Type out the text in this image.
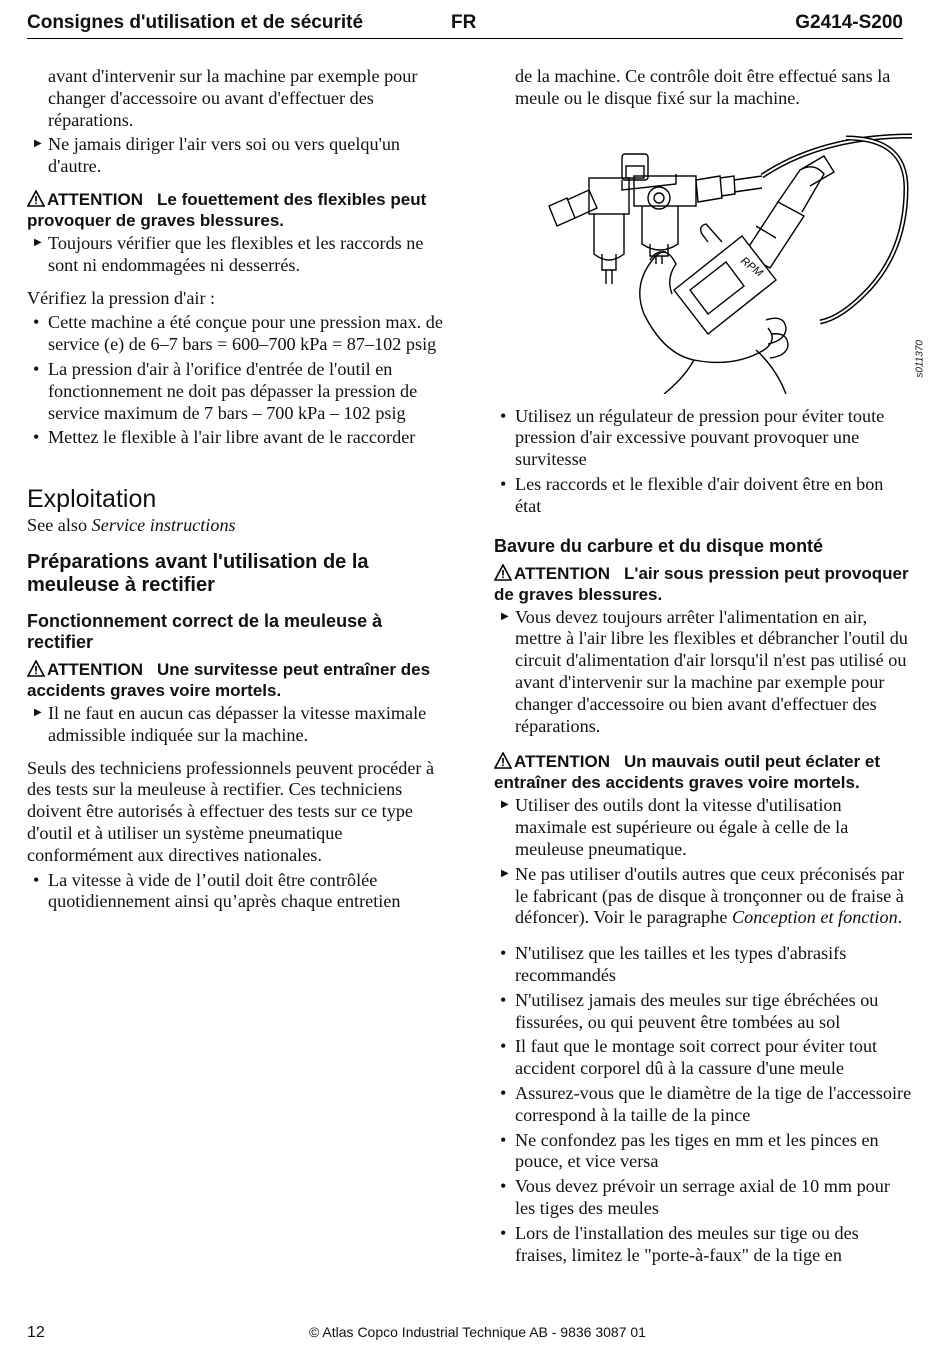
Consignes d'utilisation et de sécurité	FR	G2414-S200

avant d'intervenir sur la machine par exemple pour changer d'accessoire ou avant d'effectuer des réparations.

▶ Ne jamais diriger l'air vers soi ou vers quelqu'un d'autre.
ATTENTION Le fouettement des flexibles peut provoquer de graves blessures.
▶ Toujours vérifier que les flexibles et les raccords ne sont ni endommagées ni desserrés.

Vérifiez la pression d'air :

• Cette machine a été conçue pour une pression max. de service (e) de 6–7 bars = 600–700 kPa = 87–102 psig
• La pression d'air à l'orifice d'entrée de l'outil en fonctionnement ne doit pas dépasser la pression de service maximum de 7 bars – 700 kPa – 102 psig
• Mettez le flexible à l'air libre avant de le raccorder
Exploitation
See also Service instructions
Préparations avant l'utilisation de la meuleuse à rectifier
Fonctionnement correct de la meuleuse à rectifier
ATTENTION Une survitesse peut entraîner des accidents graves voire mortels.
▶ Il ne faut en aucun cas dépasser la vitesse maximale admissible indiquée sur la machine.

Seuls des techniciens professionnels peuvent procéder à des tests sur la meuleuse à rectifier. Ces techniciens doivent être autorisés à effectuer des tests sur ce type d'outil et à utiliser un système pneumatique conformément aux directives nationales.

• La vitesse à vide de l’outil doit être contrôlée quotidiennement ainsi qu’après chaque entretien

de la machine. Ce contrôle doit être effectué sans la meule ou le disque fixé sur la machine.

RPM
s011370
• Utilisez un régulateur de pression pour éviter toute pression d'air excessive pouvant provoquer une survitesse
• Les raccords et le flexible d'air doivent être en bon état
Bavure du carbure et du disque monté
ATTENTION L'air sous pression peut provoquer de graves blessures.
▶ Vous devez toujours arrêter l'alimentation en air, mettre à l'air libre les flexibles et débrancher l'outil du circuit d'alimentation d'air lorsqu'il n'est pas utilisé ou avant d'intervenir sur la machine par exemple pour changer d'accessoire ou bien avant d'effectuer des réparations.
ATTENTION Un mauvais outil peut éclater et entraîner des accidents graves voire mortels.
▶ Utiliser des outils dont la vitesse d'utilisation maximale est supérieure ou égale à celle de la meuleuse pneumatique.
▶ Ne pas utiliser d'outils autres que ceux préconisés par le fabricant (pas de disque à tronçonner ou de fraise à défoncer). Voir le paragraphe Conception et fonction.
• N'utilisez que les tailles et les types d'abrasifs recommandés
• N'utilisez jamais des meules sur tige ébréchées ou fissurées, ou qui peuvent être tombées au sol
• Il faut que le montage soit correct pour éviter tout accident corporel dû à la cassure d'une meule
• Assurez-vous que le diamètre de la tige de l'accessoire correspond à la taille de la pince
• Ne confondez pas les tiges en mm et les pinces en pouce, et vice versa
• Vous devez prévoir un serrage axial de 10 mm pour les tiges des meules
• Lors de l'installation des meules sur tige ou des fraises, limitez le "porte-à-faux" de la tige en
12	© Atlas Copco Industrial Technique AB - 9836 3087 01
